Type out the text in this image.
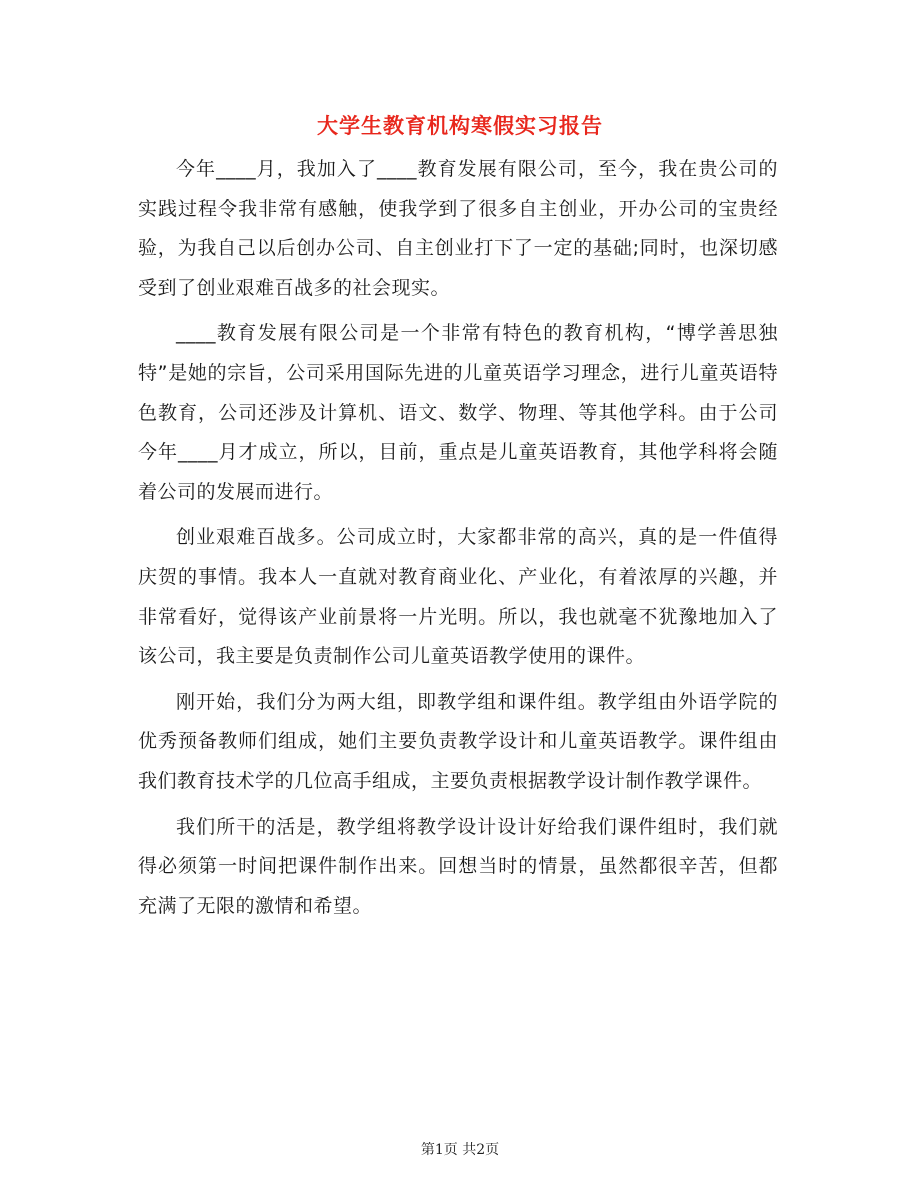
大学生教育机构寒假实习报告

今年____月，我加入了____教育发展有限公司，至今，我在贵公司的实践过程令我非常有感触，使我学到了很多自主创业，开办公司的宝贵经验，为我自己以后创办公司、自主创业打下了一定的基础;同时，也深切感受到了创业艰难百战多的社会现实。

____教育发展有限公司是一个非常有特色的教育机构，“博学善思独特”是她的宗旨，公司采用国际先进的儿童英语学习理念，进行儿童英语特色教育，公司还涉及计算机、语文、数学、物理、等其他学科。由于公司今年____月才成立，所以，目前，重点是儿童英语教育，其他学科将会随着公司的发展而进行。

创业艰难百战多。公司成立时，大家都非常的高兴，真的是一件值得庆贺的事情。我本人一直就对教育商业化、产业化，有着浓厚的兴趣，并非常看好，觉得该产业前景将一片光明。所以，我也就毫不犹豫地加入了该公司，我主要是负责制作公司儿童英语教学使用的课件。

刚开始，我们分为两大组，即教学组和课件组。教学组由外语学院的优秀预备教师们组成，她们主要负责教学设计和儿童英语教学。课件组由我们教育技术学的几位高手组成，主要负责根据教学设计制作教学课件。

我们所干的活是，教学组将教学设计设计好给我们课件组时，我们就得必须第一时间把课件制作出来。回想当时的情景，虽然都很辛苦，但都充满了无限的激情和希望。

第1页 共2页
